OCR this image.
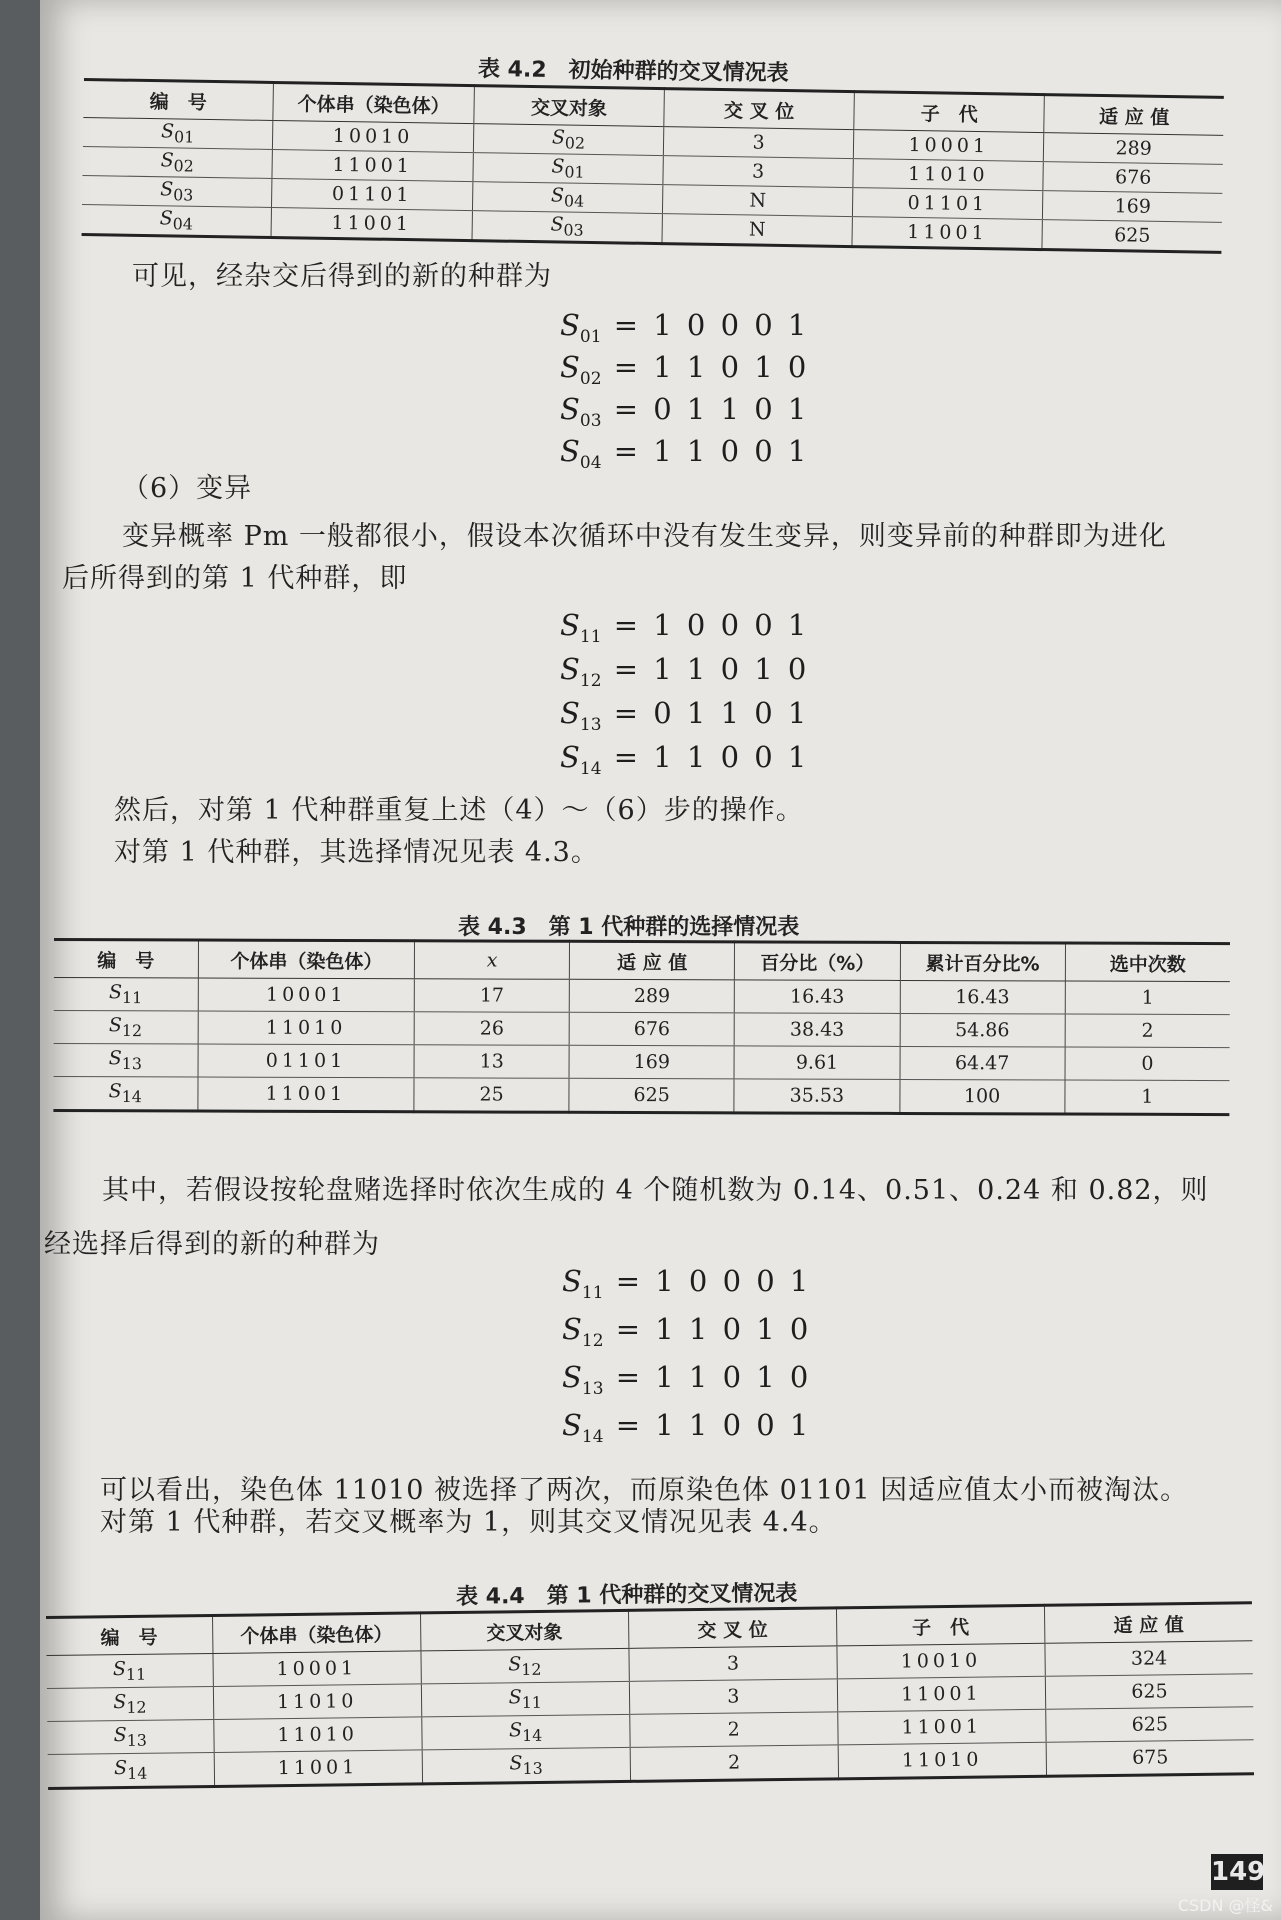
表 4.2　初始种群的交叉情况表
编　号	个体串（染色体）	交叉对象	交 叉 位	子　代	适 应 值
$S_{01}$	10010	$S_{02}$	3	10001	289
$S_{02}$	11001	$S_{01}$	3	11010	676
$S_{03}$	01101	$S_{04}$	N	01101	169
$S_{04}$	11001	$S_{03}$	N	11001	625
可见，经杂交后得到的新的种群为
$S_{01} = 1$ 0 0 0 1
$S_{02} = 1$ 1 0 1 0
$S_{03} = 0$ 1 1 0 1
$S_{04} = 1$ 1 0 0 1
（6）变异
变异概率 Pm 一般都很小，假设本次循环中没有发生变异，则变异前的种群即为进化
后所得到的第 1 代种群，即
$S_{11} = 1$ 0 0 0 1
$S_{12} = 1$ 1 0 1 0
$S_{13} = 0$ 1 1 0 1
$S_{14} = 1$ 1 0 0 1
然后，对第 1 代种群重复上述（4）～（6）步的操作。
对第 1 代种群，其选择情况见表 4.3。
表 4.3　第 1 代种群的选择情况表
编　号	个体串（染色体）	x	适 应 值	百分比（%）	累计百分比%	选中次数
$S_{11}$	10001	17	289	16.43	16.43	1
$S_{12}$	11010	26	676	38.43	54.86	2
$S_{13}$	01101	13	169	9.61	64.47	0
$S_{14}$	11001	25	625	35.53	100	1
其中，若假设按轮盘赌选择时依次生成的 4 个随机数为 0.14、0.51、0.24 和 0.82，则
经选择后得到的新的种群为
$S_{11} = 1$ 0 0 0 1
$S_{12} = 1$ 1 0 1 0
$S_{13} = 1$ 1 0 1 0
$S_{14} = 1$ 1 0 0 1
可以看出，染色体 11010 被选择了两次，而原染色体 01101 因适应值太小而被淘汰。
对第 1 代种群，若交叉概率为 1，则其交叉情况见表 4.4。
表 4.4　第 1 代种群的交叉情况表
编　号	个体串（染色体）	交叉对象	交 叉 位	子　代	适 应 值
$S_{11}$	10001	$S_{12}$	3	10010	324
$S_{12}$	11010	$S_{11}$	3	11001	625
$S_{13}$	11010	$S_{14}$	2	11001	625
$S_{14}$	11001	$S_{13}$	2	11010	675
149
CSDN @怪&
